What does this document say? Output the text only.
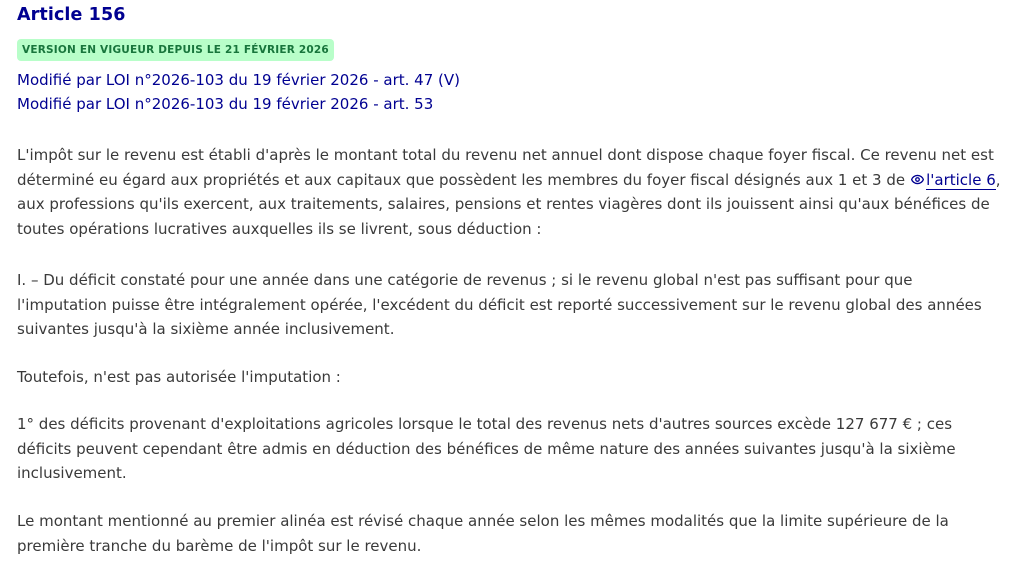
Article 156
VERSION EN VIGUEUR DEPUIS LE 21 FÉVRIER 2026
Modifié par LOI n°2026-103 du 19 février 2026 - art. 47 (V)
Modifié par LOI n°2026-103 du 19 février 2026 - art. 53
L'impôt sur le revenu est établi d'après le montant total du revenu net annuel dont dispose chaque foyer fiscal. Ce revenu net est
déterminé eu égard aux propriétés et aux capitaux que possèdent les membres du foyer fiscal désignés aux 1 et 3 de l'article 6,
aux professions qu'ils exercent, aux traitements, salaires, pensions et rentes viagères dont ils jouissent ainsi qu'aux bénéfices de
toutes opérations lucratives auxquelles ils se livrent, sous déduction :
I. – Du déficit constaté pour une année dans une catégorie de revenus ; si le revenu global n'est pas suffisant pour que
l'imputation puisse être intégralement opérée, l'excédent du déficit est reporté successivement sur le revenu global des années
suivantes jusqu'à la sixième année inclusivement.
Toutefois, n'est pas autorisée l'imputation :
1° des déficits provenant d'exploitations agricoles lorsque le total des revenus nets d'autres sources excède 127 677 € ; ces
déficits peuvent cependant être admis en déduction des bénéfices de même nature des années suivantes jusqu'à la sixième
inclusivement.
Le montant mentionné au premier alinéa est révisé chaque année selon les mêmes modalités que la limite supérieure de la
première tranche du barème de l'impôt sur le revenu.
